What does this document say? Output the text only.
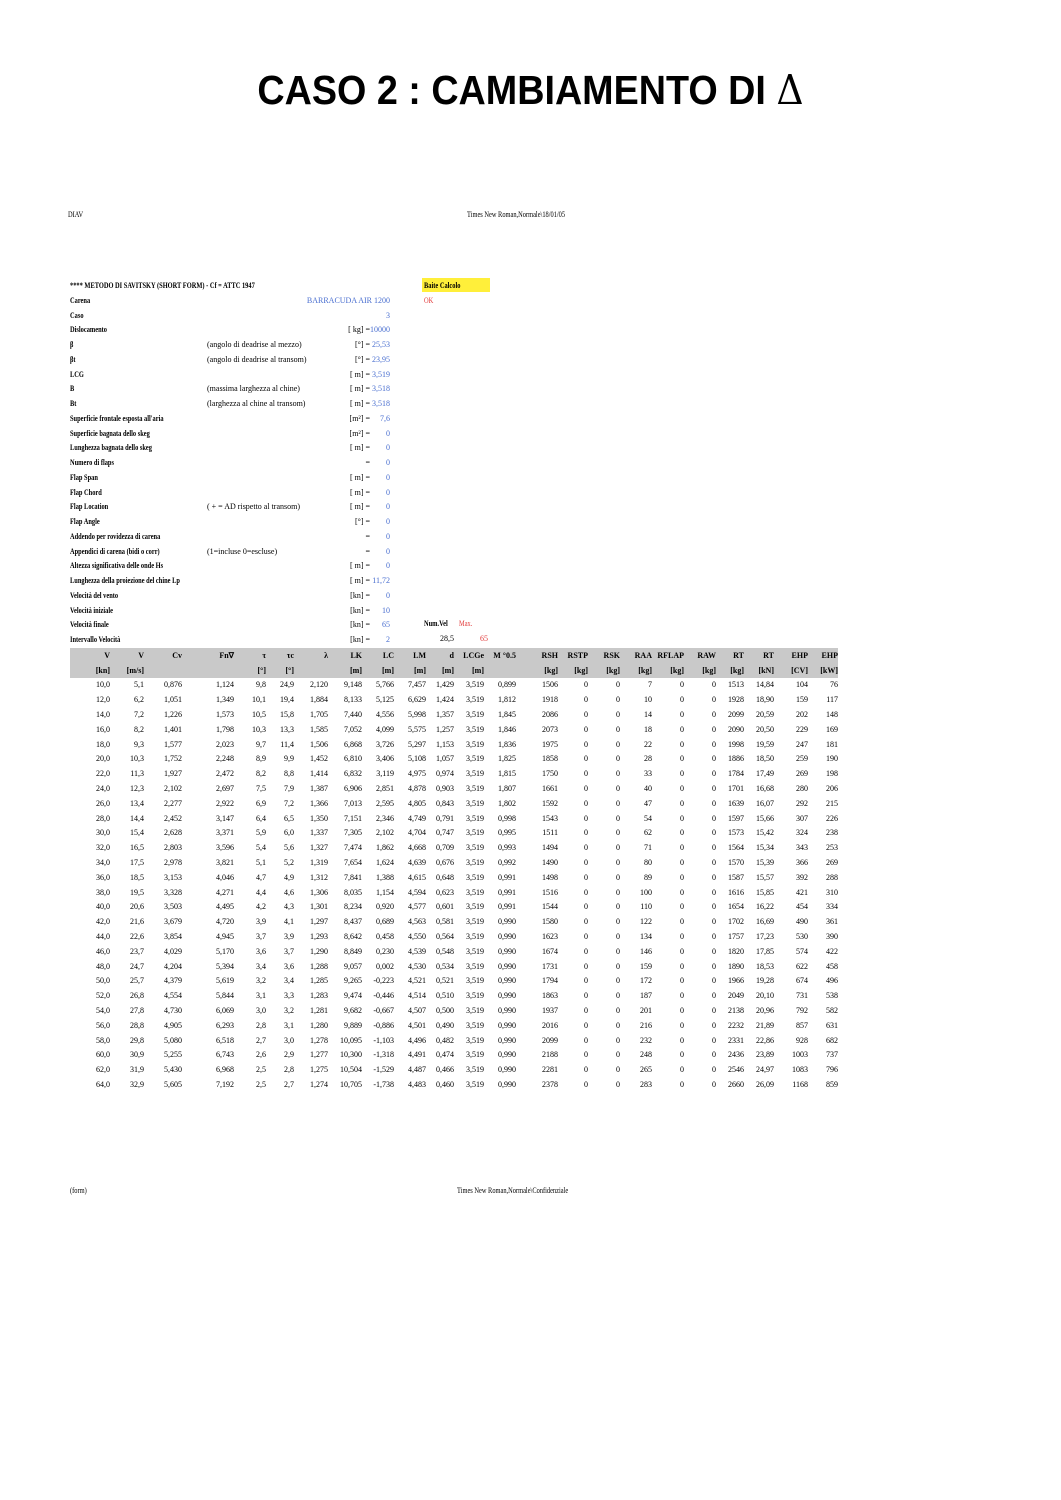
CASO 2 : CAMBIAMENTO DI Δ
DIAV	Times New Roman,Normale\18/01/05
Baite Calcolo
OK
**** METODO DI SAVITSKY (SHORT FORM) - Cf = ATTC 1947
Carena	BARRACUDA AIR 1200
Caso	3
Dislocamento	[ kg] = 10000
β	(angolo di deadrise al mezzo)	[°] = 25,53
βt	(angolo di deadrise al transom)	[°] = 23,95
LCG	[ m] = 3,519
B	(massima larghezza al chine)	[ m] = 3,518
Bt	(larghezza al chine al transom)	[ m] = 3,518
Superficie frontale esposta all'aria	[m²] =	7,6
Superficie bagnata dello skeg	[m²] =	0
Lunghezza bagnata dello skeg	[ m] =	0
Numero di flaps	=	0
Flap Span	[ m] =	0
Flap Chord	[ m] =	0
Flap Location	( + = AD rispetto al transom)	[ m] =	0
Flap Angle	[°] =	0
Addendo per rovidezza di carena	=	0
Appendici di carena (bidi o corr)	(1=incluse 0=escluse)	=	0
Altezza significativa delle onde Hs	[ m] =	0
Lunghezza della proiezione del chine Lp	[ m] = 11,72
Velocità del vento	[kn] =	0
Velocità iniziale	[kn] =	10
Velocità finale	[kn] =	65
Intervallo Velocità	[kn] =	2
Num.Vel	Max.
28,5	65
V	V	Cv	Fn∇	τ	τc	λ	LK	LC	LM	d	LCGe	M °0.5	RSH	RSTP	RSK	RAA	RFLAP	RAW	RT	RT	EHP	EHP
[kn]	[m/s]			[°]	[°]		[m]	[m]	[m]	[m]	[m]		[kg]	[kg]	[kg]	[kg]	[kg]	[kg]	[kg]	[kN]	[CV]	[kW]
10,0	5,1	0,876	1,124	9,8	24,9	2,120	9,148	5,766	7,457	1,429	3,519	0,899	1506	0	0	7	0	0	1513	14,84	104	76
12,0	6,2	1,051	1,349	10,1	19,4	1,884	8,133	5,125	6,629	1,424	3,519	1,812	1918	0	0	10	0	0	1928	18,90	159	117
14,0	7,2	1,226	1,573	10,5	15,8	1,705	7,440	4,556	5,998	1,357	3,519	1,845	2086	0	0	14	0	0	2099	20,59	202	148
16,0	8,2	1,401	1,798	10,3	13,3	1,585	7,052	4,099	5,575	1,257	3,519	1,846	2073	0	0	18	0	0	2090	20,50	229	169
18,0	9,3	1,577	2,023	9,7	11,4	1,506	6,868	3,726	5,297	1,153	3,519	1,836	1975	0	0	22	0	0	1998	19,59	247	181
20,0	10,3	1,752	2,248	8,9	9,9	1,452	6,810	3,406	5,108	1,057	3,519	1,825	1858	0	0	28	0	0	1886	18,50	259	190
22,0	11,3	1,927	2,472	8,2	8,8	1,414	6,832	3,119	4,975	0,974	3,519	1,815	1750	0	0	33	0	0	1784	17,49	269	198
24,0	12,3	2,102	2,697	7,5	7,9	1,387	6,906	2,851	4,878	0,903	3,519	1,807	1661	0	0	40	0	0	1701	16,68	280	206
26,0	13,4	2,277	2,922	6,9	7,2	1,366	7,013	2,595	4,805	0,843	3,519	1,802	1592	0	0	47	0	0	1639	16,07	292	215
28,0	14,4	2,452	3,147	6,4	6,5	1,350	7,151	2,346	4,749	0,791	3,519	0,998	1543	0	0	54	0	0	1597	15,66	307	226
30,0	15,4	2,628	3,371	5,9	6,0	1,337	7,305	2,102	4,704	0,747	3,519	0,995	1511	0	0	62	0	0	1573	15,42	324	238
32,0	16,5	2,803	3,596	5,4	5,6	1,327	7,474	1,862	4,668	0,709	3,519	0,993	1494	0	0	71	0	0	1564	15,34	343	253
34,0	17,5	2,978	3,821	5,1	5,2	1,319	7,654	1,624	4,639	0,676	3,519	0,992	1490	0	0	80	0	0	1570	15,39	366	269
36,0	18,5	3,153	4,046	4,7	4,9	1,312	7,841	1,388	4,615	0,648	3,519	0,991	1498	0	0	89	0	0	1587	15,57	392	288
38,0	19,5	3,328	4,271	4,4	4,6	1,306	8,035	1,154	4,594	0,623	3,519	0,991	1516	0	0	100	0	0	1616	15,85	421	310
40,0	20,6	3,503	4,495	4,2	4,3	1,301	8,234	0,920	4,577	0,601	3,519	0,991	1544	0	0	110	0	0	1654	16,22	454	334
42,0	21,6	3,679	4,720	3,9	4,1	1,297	8,437	0,689	4,563	0,581	3,519	0,990	1580	0	0	122	0	0	1702	16,69	490	361
44,0	22,6	3,854	4,945	3,7	3,9	1,293	8,642	0,458	4,550	0,564	3,519	0,990	1623	0	0	134	0	0	1757	17,23	530	390
46,0	23,7	4,029	5,170	3,6	3,7	1,290	8,849	0,230	4,539	0,548	3,519	0,990	1674	0	0	146	0	0	1820	17,85	574	422
48,0	24,7	4,204	5,394	3,4	3,6	1,288	9,057	0,002	4,530	0,534	3,519	0,990	1731	0	0	159	0	0	1890	18,53	622	458
50,0	25,7	4,379	5,619	3,2	3,4	1,285	9,265	-0,223	4,521	0,521	3,519	0,990	1794	0	0	172	0	0	1966	19,28	674	496
52,0	26,8	4,554	5,844	3,1	3,3	1,283	9,474	-0,446	4,514	0,510	3,519	0,990	1863	0	0	187	0	0	2049	20,10	731	538
54,0	27,8	4,730	6,069	3,0	3,2	1,281	9,682	-0,667	4,507	0,500	3,519	0,990	1937	0	0	201	0	0	2138	20,96	792	582
56,0	28,8	4,905	6,293	2,8	3,1	1,280	9,889	-0,886	4,501	0,490	3,519	0,990	2016	0	0	216	0	0	2232	21,89	857	631
58,0	29,8	5,080	6,518	2,7	3,0	1,278	10,095	-1,103	4,496	0,482	3,519	0,990	2099	0	0	232	0	0	2331	22,86	928	682
60,0	30,9	5,255	6,743	2,6	2,9	1,277	10,300	-1,318	4,491	0,474	3,519	0,990	2188	0	0	248	0	0	2436	23,89	1003	737
62,0	31,9	5,430	6,968	2,5	2,8	1,275	10,504	-1,529	4,487	0,466	3,519	0,990	2281	0	0	265	0	0	2546	24,97	1083	796
64,0	32,9	5,605	7,192	2,5	2,7	1,274	10,705	-1,738	4,483	0,460	3,519	0,990	2378	0	0	283	0	0	2660	26,09	1168	859
(form)	Times New Roman,Normale\Confidenziale
